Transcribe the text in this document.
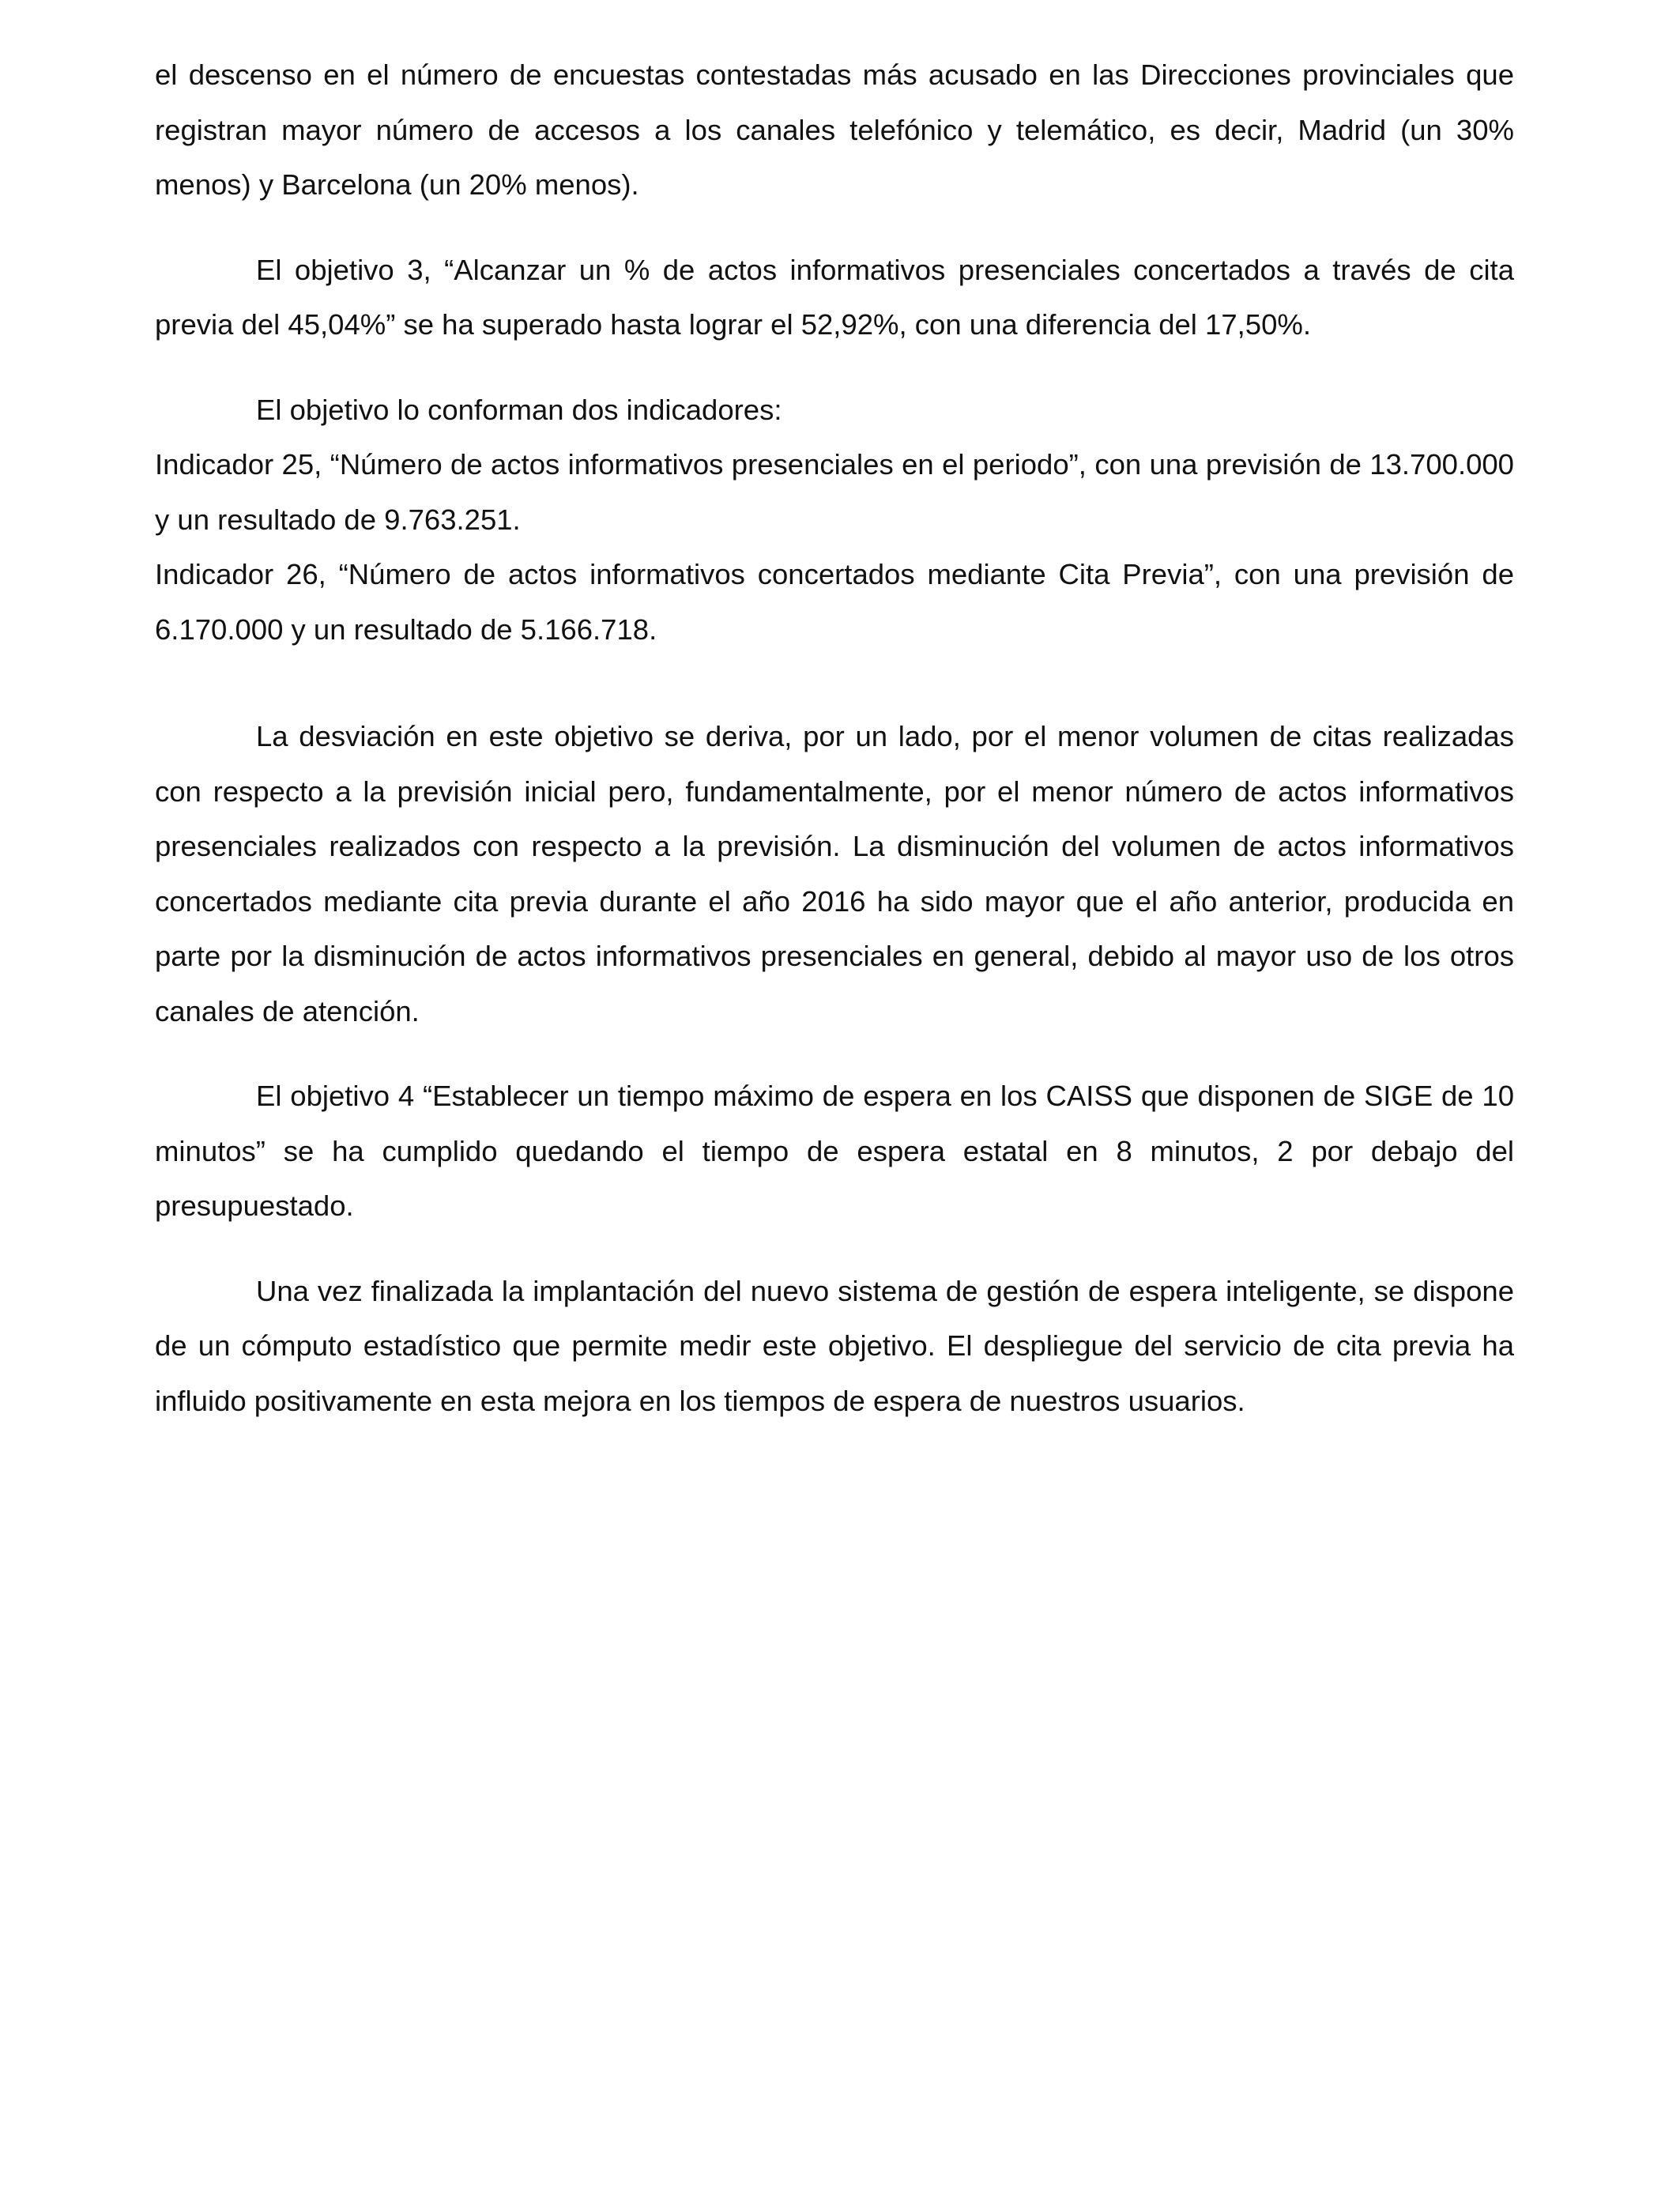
el descenso en el número de encuestas contestadas más acusado en las Direcciones provinciales que registran mayor número de accesos a los canales telefónico y telemático, es decir, Madrid (un 30% menos) y Barcelona (un 20% menos).

El objetivo 3, “Alcanzar un % de actos informativos presenciales concertados a través de cita previa del 45,04%” se ha superado hasta lograr el 52,92%, con una diferencia del 17,50%.

El objetivo lo conforman dos indicadores:

Indicador 25, “Número de actos informativos presenciales en el periodo”, con una previsión de 13.700.000 y un resultado de 9.763.251.

Indicador 26, “Número de actos informativos concertados mediante Cita Previa”, con una previsión de 6.170.000 y un resultado de 5.166.718.

La desviación en este objetivo se deriva, por un lado, por el menor volumen de citas realizadas con respecto a la previsión inicial pero, fundamentalmente, por el menor número de actos informativos presenciales realizados con respecto a la previsión. La disminución del volumen de actos informativos concertados mediante cita previa durante el año 2016 ha sido mayor que el año anterior, producida en parte por la disminución de actos informativos presenciales en general, debido al mayor uso de los otros canales de atención.

El objetivo 4 “Establecer un tiempo máximo de espera en los CAISS que disponen de SIGE de 10 minutos” se ha cumplido quedando el tiempo de espera estatal en 8 minutos, 2 por debajo del presupuestado.

Una vez finalizada la implantación del nuevo sistema de gestión de espera inteligente, se dispone de un cómputo estadístico que permite medir este objetivo. El despliegue del servicio de cita previa ha influido positivamente en esta mejora en los tiempos de espera de nuestros usuarios.
